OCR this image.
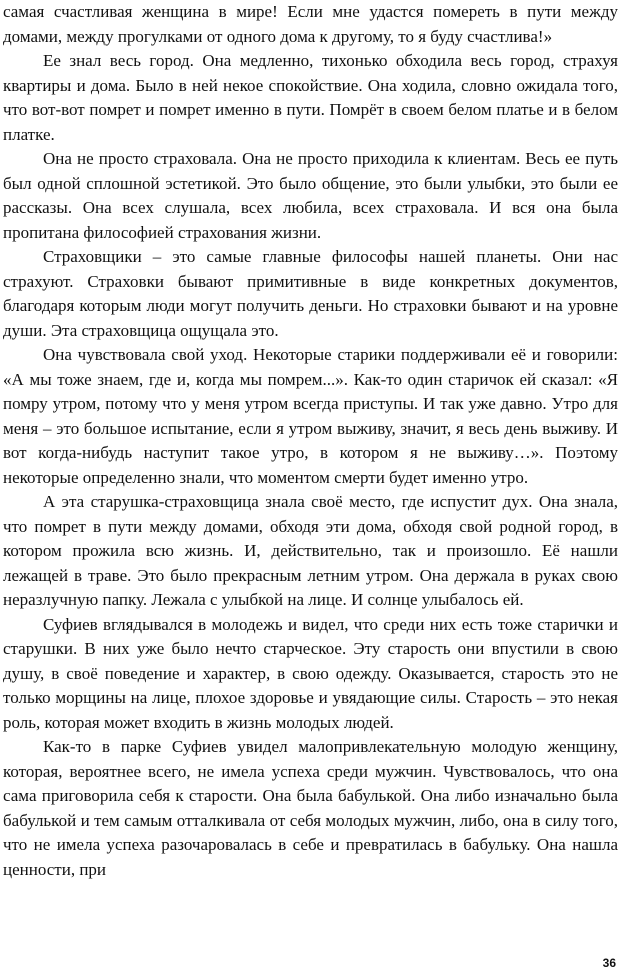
самая счастливая женщина в мире! Если мне удастся помереть в пути между домами, между прогулками от одного дома к другому, то я буду счастлива!»

Ее знал весь город. Она медленно, тихонько обходила весь город, страхуя квартиры и дома. Было в ней некое спокойствие. Она ходила, словно ожидала того, что вот-вот помрет и помрет именно в пути. Помрёт в своем белом платье и в белом платке.

Она не просто страховала. Она не просто приходила к клиентам. Весь ее путь был одной сплошной эстетикой. Это было общение, это были улыбки, это были ее рассказы. Она всех слушала, всех любила, всех страховала. И вся она была пропитана философией страхования жизни.

Страховщики – это самые главные философы нашей планеты. Они нас страхуют. Страховки бывают примитивные в виде конкретных документов, благодаря которым люди могут получить деньги. Но страховки бывают и на уровне души. Эта страховщица ощущала это.

Она чувствовала свой уход. Некоторые старики поддерживали её и говорили: «А мы тоже знаем, где и, когда мы помрем...». Как-то один старичок ей сказал: «Я помру утром, потому что у меня утром всегда приступы. И так уже давно. Утро для меня – это большое испытание, если я утром выживу, значит, я весь день выживу. И вот когда-нибудь наступит такое утро, в котором я не выживу…». Поэтому некоторые определенно знали, что моментом смерти будет именно утро.

А эта старушка-страховщица знала своё место, где испустит дух. Она знала, что помрет в пути между домами, обходя эти дома, обходя свой родной город, в котором прожила всю жизнь. И, действительно, так и произошло. Её нашли лежащей в траве. Это было прекрасным летним утром. Она держала в руках свою неразлучную папку. Лежала с улыбкой на лице. И солнце улыбалось ей.

Суфиев вглядывался в молодежь и видел, что среди них есть тоже старички и старушки. В них уже было нечто старческое. Эту старость они впустили в свою душу, в своё поведение и характер, в свою одежду. Оказывается, старость это не только морщины на лице, плохое здоровье и увядающие силы. Старость – это некая роль, которая может входить в жизнь молодых людей.

Как-то в парке Суфиев увидел малопривлекательную молодую женщину, которая, вероятнее всего, не имела успеха среди мужчин. Чувствовалось, что она сама приговорила себя к старости. Она была бабулькой. Она либо изначально была бабулькой и тем самым отталкивала от себя молодых мужчин, либо, она в силу того, что не имела успеха разочаровалась в себе и превратилась в бабульку. Она нашла ценности, при

36
